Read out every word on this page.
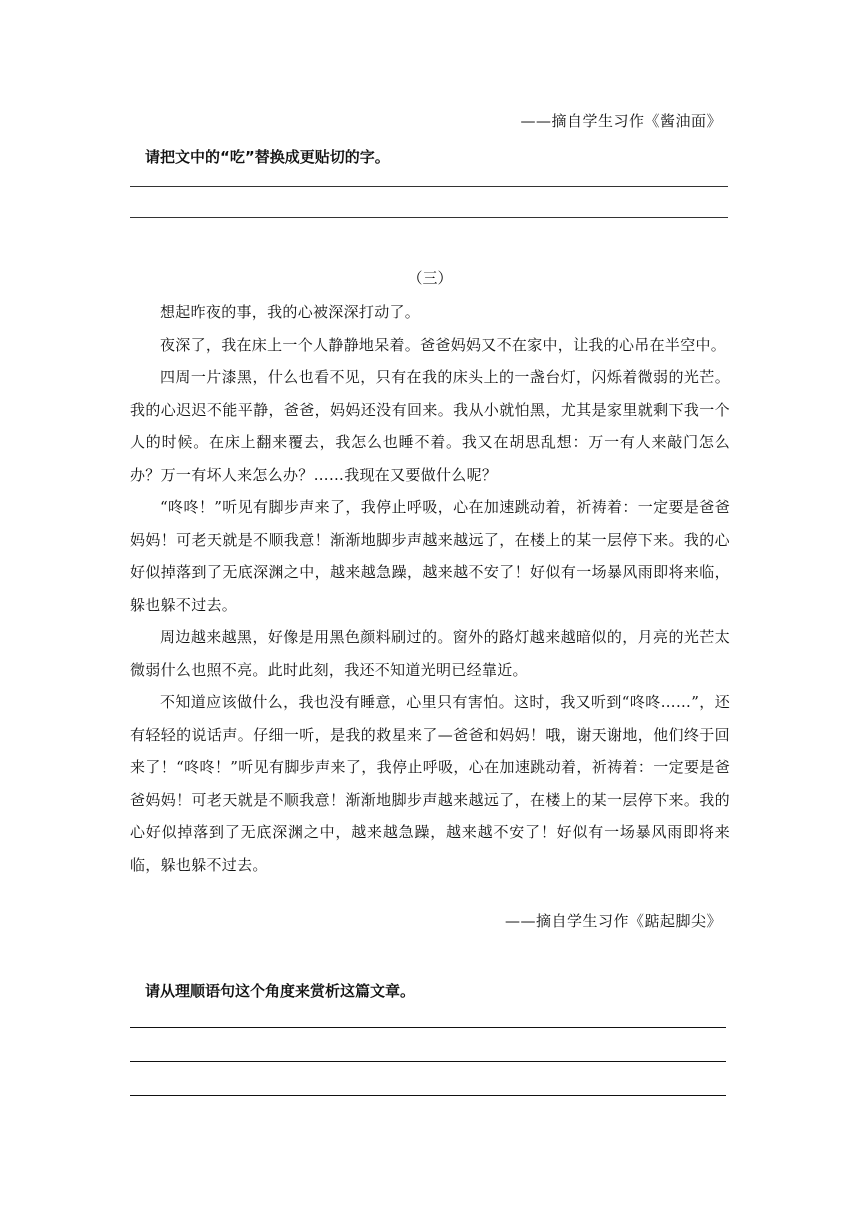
——摘自学生习作《酱油面》
请把文中的“吃”替换成更贴切的字。
（三）

想起昨夜的事，我的心被深深打动了。

夜深了，我在床上一个人静静地呆着。爸爸妈妈又不在家中，让我的心吊在半空中。

四周一片漆黑，什么也看不见，只有在我的床头上的一盏台灯，闪烁着微弱的光芒。我的心迟迟不能平静，爸爸，妈妈还没有回来。我从小就怕黑，尤其是家里就剩下我一个人的时候。在床上翻来覆去，我怎么也睡不着。我又在胡思乱想：万一有人来敲门怎么办？万一有坏人来怎么办？……我现在又要做什么呢？

“咚咚！”听见有脚步声来了，我停止呼吸，心在加速跳动着，祈祷着：一定要是爸爸妈妈！可老天就是不顺我意！渐渐地脚步声越来越远了，在楼上的某一层停下来。我的心好似掉落到了无底深渊之中，越来越急躁，越来越不安了！好似有一场暴风雨即将来临，躲也躲不过去。

周边越来越黑，好像是用黑色颜料刷过的。窗外的路灯越来越暗似的，月亮的光芒太微弱什么也照不亮。此时此刻，我还不知道光明已经靠近。

不知道应该做什么，我也没有睡意，心里只有害怕。这时，我又听到“咚咚……”，还有轻轻的说话声。仔细一听，是我的救星来了—爸爸和妈妈！哦，谢天谢地，他们终于回来了！“咚咚！”听见有脚步声来了，我停止呼吸，心在加速跳动着，祈祷着：一定要是爸爸妈妈！可老天就是不顺我意！渐渐地脚步声越来越远了，在楼上的某一层停下来。我的心好似掉落到了无底深渊之中，越来越急躁，越来越不安了！好似有一场暴风雨即将来临，躲也躲不过去。

——摘自学生习作《踮起脚尖》
请从理顺语句这个角度来赏析这篇文章。
